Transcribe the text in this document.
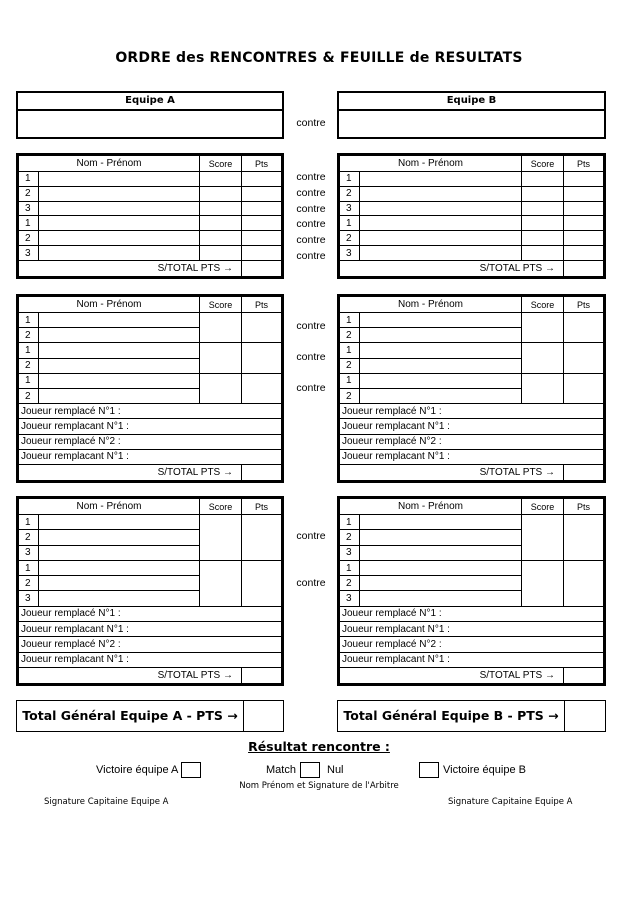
ORDRE des RENCONTRES & FEUILLE de RESULTATS
Equipe A
contre
Equipe B
Nom - Prénom		Score	Pts
1			
2			
3			
1			
2			
3			
S/TOTAL PTS →			
contre
contre
contre
contre
contre
contre
Nom - Prénom		Score	Pts
1			
2			
3			
1			
2			
3			
S/TOTAL PTS →			
Nom - Prénom		Score	Pts
1			
2			
1			
2			
1			
2			
Joueur remplacé N°1 :			
Joueur remplacant N°1 :			
Joueur remplacé N°2 :			
Joueur remplacant N°1 :			
S/TOTAL PTS →			
contre
contre
contre
Nom - Prénom		Score	Pts
1			
2			
1			
2			
1			
2			
Joueur remplacé N°1 :			
Joueur remplacant N°1 :			
Joueur remplacé N°2 :			
Joueur remplacant N°1 :			
S/TOTAL PTS →			
Nom - Prénom		Score	Pts
1			
2			
3			
1			
2			
3			
Joueur remplacé N°1 :			
Joueur remplacant N°1 :			
Joueur remplacé N°2 :			
Joueur remplacant N°1 :			
S/TOTAL PTS →			
contre
contre
Nom - Prénom		Score	Pts
1			
2			
3			
1			
2			
3			
Joueur remplacé N°1 :			
Joueur remplacant N°1 :			
Joueur remplacé N°2 :			
Joueur remplacant N°1 :			
S/TOTAL PTS →			
Total Général Equipe A - PTS →	Total Général Equipe B - PTS →
Résultat rencontre :
Victoire équipe A	Match	Nul	Victoire équipe B
Nom Prénom et Signature de l'Arbitre
Signature Capitaine Equipe A	Signature Capitaine Equipe A
